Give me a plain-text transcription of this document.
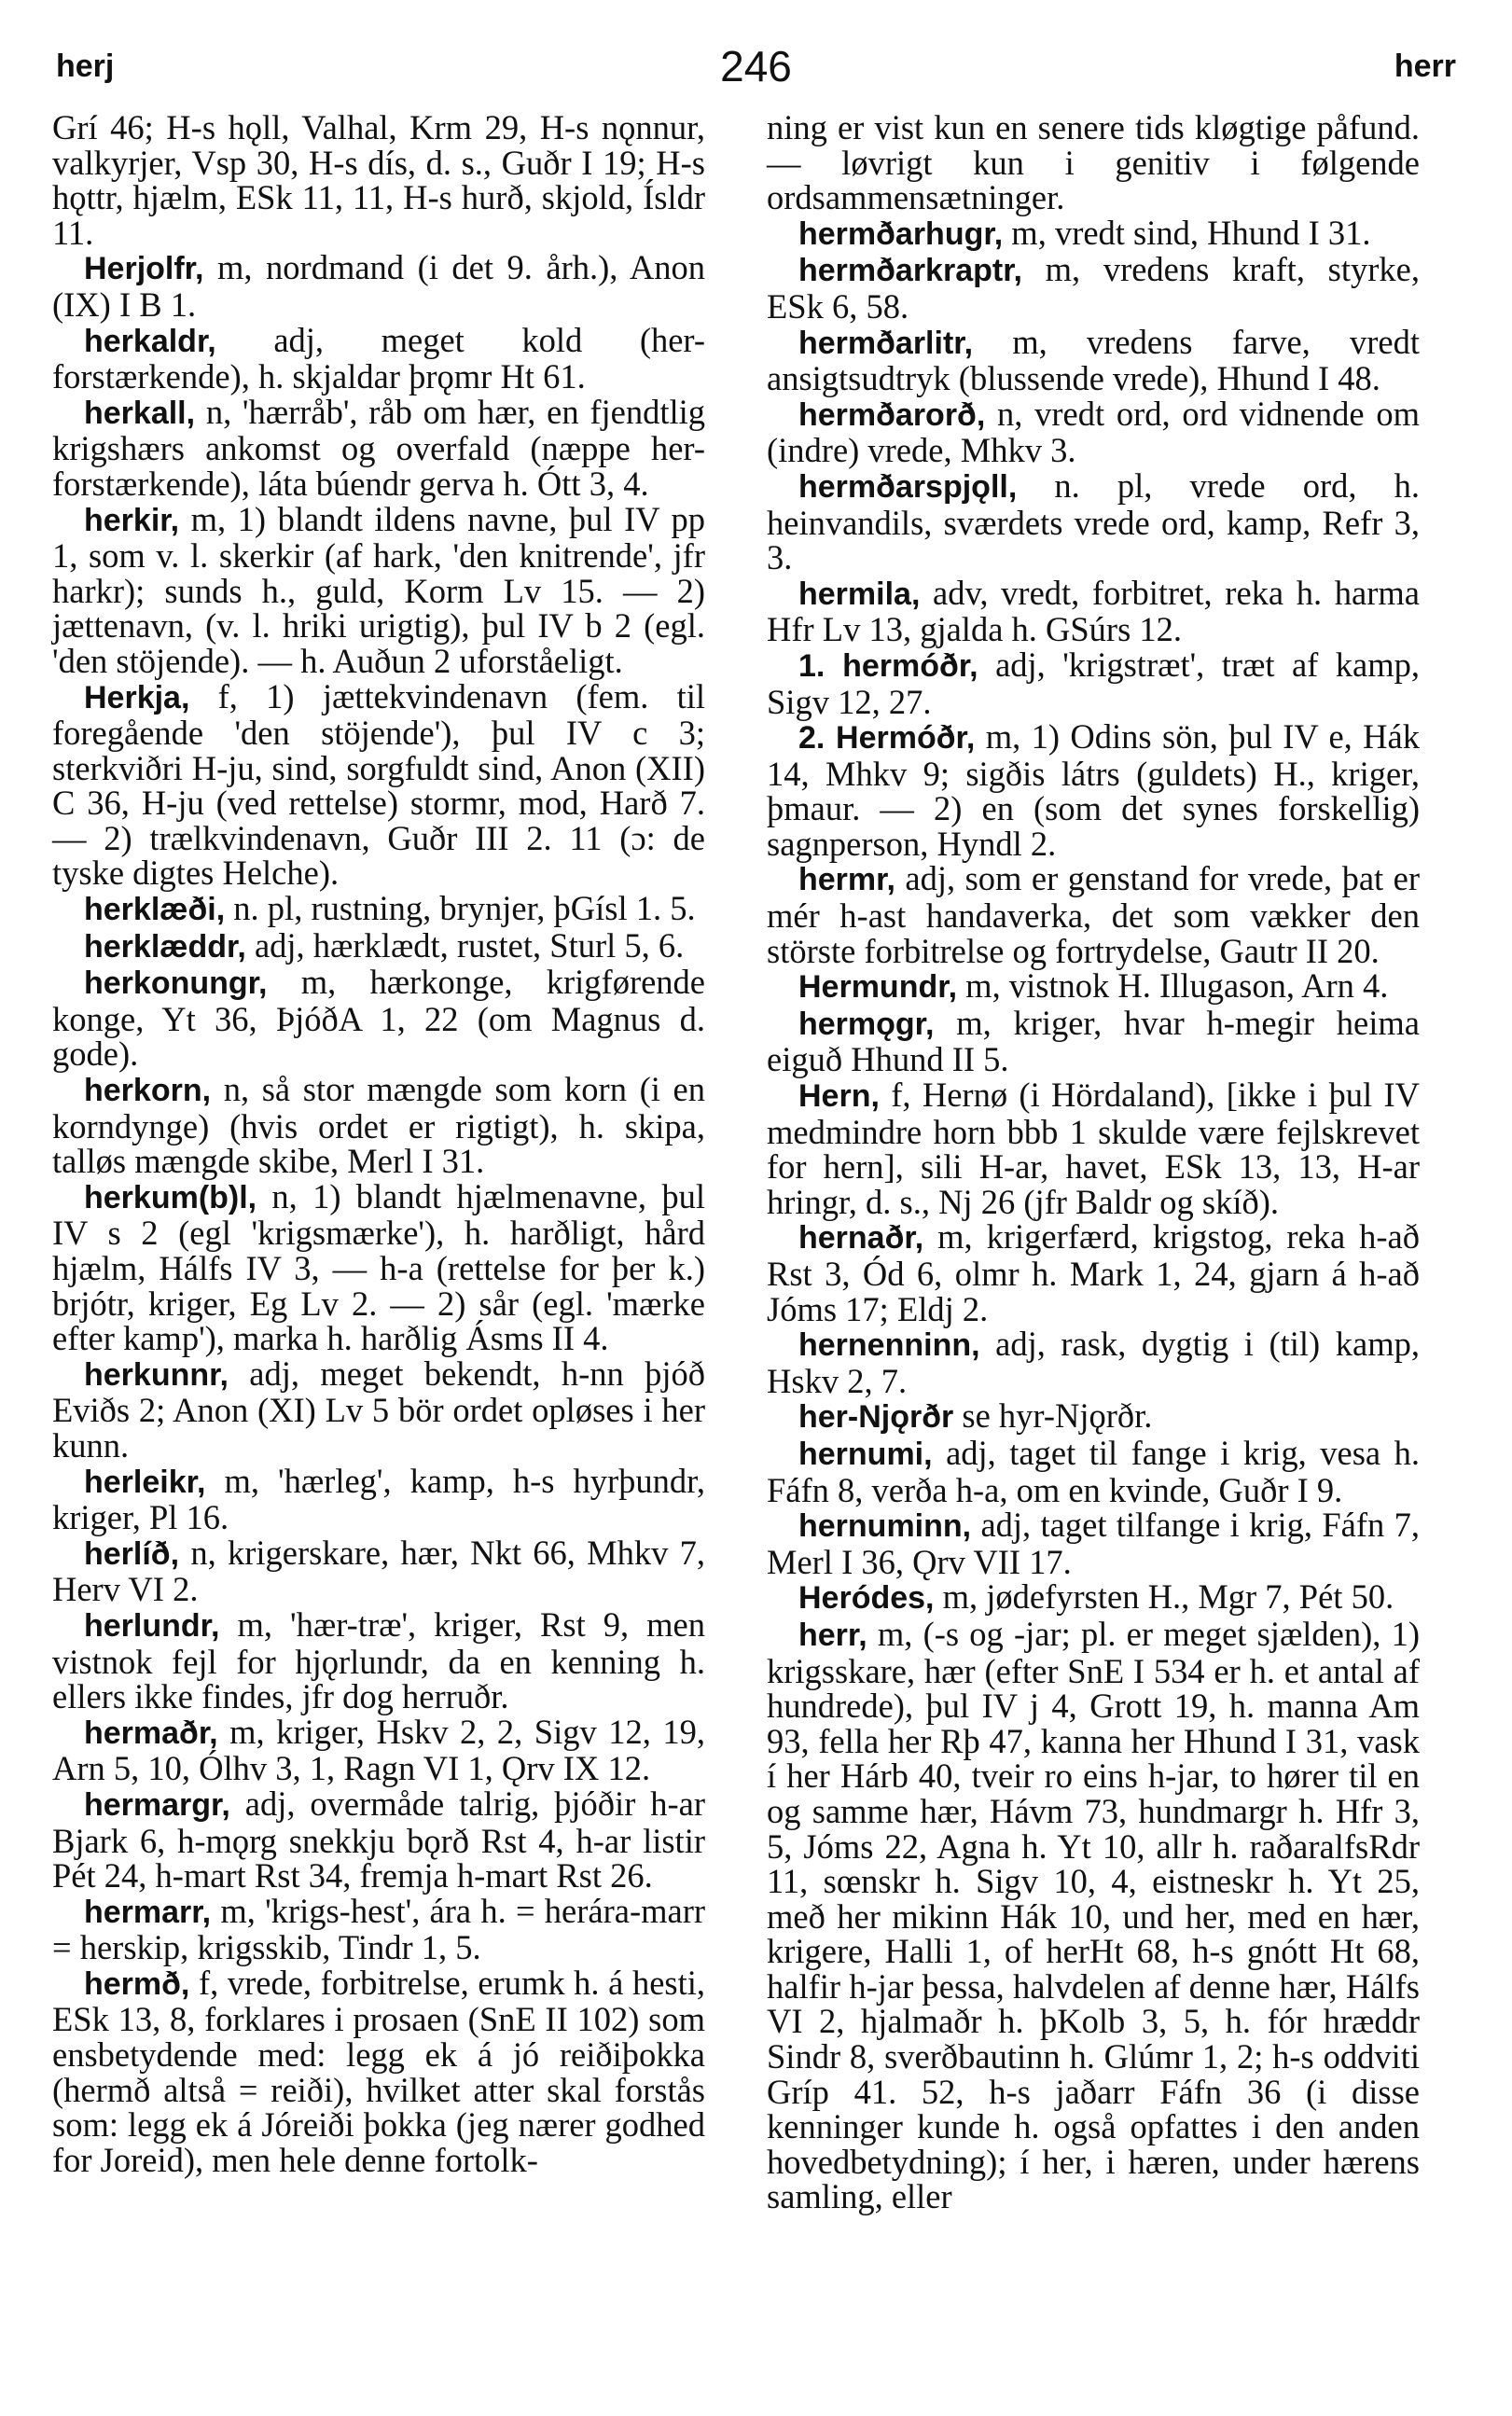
herj	246	herr

Grí 46; H-s hǫll, Valhal, Krm 29, H-s nǫnnur, valkyrjer, Vsp 30, H-s dís, d. s., Guðr I 19; H-s hǫttr, hjælm, ESk 11, 11, H-s hurð, skjold, Ísldr 11.

Herjolfr, m, nordmand (i det 9. årh.), Anon (IX) I B 1.

herkaldr, adj, meget kold (her- forstærkende), h. skjaldar þrǫmr Ht 61.

herkall, n, 'hærråb', råb om hær, en fjendtlig krigshærs ankomst og overfald (næppe her- forstærkende), láta búendr gerva h. Ótt 3, 4.

herkir, m, 1) blandt ildens navne, þul IV pp 1, som v. l. skerkir (af hark, 'den knitrende', jfr harkr); sunds h., guld, Korm Lv 15. — 2) jættenavn, (v. l. hriki urigtig), þul IV b 2 (egl. 'den stöjende). — h. Auðun 2 uforståeligt.

Herkja, f, 1) jættekvindenavn (fem. til foregående 'den stöjende'), þul IV c 3; sterkviðri H-ju, sind, sorgfuldt sind, Anon (XII) C 36, H-ju (ved rettelse) stormr, mod, Harð 7. — 2) trælkvindenavn, Guðr III 2. 11 (ɔ: de tyske digtes Helche).

herklæði, n. pl, rustning, brynjer, þGísl 1. 5.

herklæddr, adj, hærklædt, rustet, Sturl 5, 6.

herkonungr, m, hærkonge, krigførende konge, Yt 36, ÞjóðA 1, 22 (om Magnus d. gode).

herkorn, n, så stor mængde som korn (i en korndynge) (hvis ordet er rigtigt), h. skipa, talløs mængde skibe, Merl I 31.

herkum(b)l, n, 1) blandt hjælmenavne, þul IV s 2 (egl 'krigsmærke'), h. harðligt, hård hjælm, Hálfs IV 3, — h-a (rettelse for þer k.) brjótr, kriger, Eg Lv 2. — 2) sår (egl. 'mærke efter kamp'), marka h. harðlig Ásms II 4.

herkunnr, adj, meget bekendt, h-nn þjóð Eviðs 2; Anon (XI) Lv 5 bör ordet opløses i her kunn.

herleikr, m, 'hærleg', kamp, h-s hyrþundr, kriger, Pl 16.

herlíð, n, krigerskare, hær, Nkt 66, Mhkv 7, Herv VI 2.

herlundr, m, 'hær-træ', kriger, Rst 9, men vistnok fejl for hjǫrlundr, da en kenning h. ellers ikke findes, jfr dog herruðr.

hermaðr, m, kriger, Hskv 2, 2, Sigv 12, 19, Arn 5, 10, Ólhv 3, 1, Ragn VI 1, Ǫrv IX 12.

hermargr, adj, overmåde talrig, þjóðir h-ar Bjark 6, h-mǫrg snekkju bǫrð Rst 4, h-ar listir Pét 24, h-mart Rst 34, fremja h-mart Rst 26.

hermarr, m, 'krigs-hest', ára h. = herára-marr = herskip, krigsskib, Tindr 1, 5.

hermð, f, vrede, forbitrelse, erumk h. á hesti, ESk 13, 8, forklares i prosaen (SnE II 102) som ensbetydende med: legg ek á jó reiðiþokka (hermð altså = reiði), hvilket atter skal forstås som: legg ek á Jóreiði þokka (jeg nærer godhed for Joreid), men hele denne fortolk-

ning er vist kun en senere tids kløgtige påfund. — løvrigt kun i genitiv i følgende ordsammensætninger.

hermðarhugr, m, vredt sind, Hhund I 31.

hermðarkraptr, m, vredens kraft, styrke, ESk 6, 58.

hermðarlitr, m, vredens farve, vredt ansigtsudtryk (blussende vrede), Hhund I 48.

hermðarorð, n, vredt ord, ord vidnende om (indre) vrede, Mhkv 3.

hermðarspjǫll, n. pl, vrede ord, h. heinvandils, sværdets vrede ord, kamp, Refr 3, 3.

hermila, adv, vredt, forbitret, reka h. harma Hfr Lv 13, gjalda h. GSúrs 12.

1. hermóðr, adj, 'krigstræt', træt af kamp, Sigv 12, 27.

2. Hermóðr, m, 1) Odins sön, þul IV e, Hák 14, Mhkv 9; sigðis látrs (guldets) H., kriger, þmaur. — 2) en (som det synes forskellig) sagnperson, Hyndl 2.

hermr, adj, som er genstand for vrede, þat er mér h-ast handaverka, det som vækker den störste forbitrelse og fortrydelse, Gautr II 20.

Hermundr, m, vistnok H. Illugason, Arn 4.

hermǫgr, m, kriger, hvar h-megir heima eiguð Hhund II 5.

Hern, f, Hernø (i Hördaland), [ikke i þul IV medmindre horn bbb 1 skulde være fejlskrevet for hern], sili H-ar, havet, ESk 13, 13, H-ar hringr, d. s., Nj 26 (jfr Baldr og skíð).

hernaðr, m, krigerfærd, krigstog, reka h-að Rst 3, Ód 6, olmr h. Mark 1, 24, gjarn á h-að Jóms 17; Eldj 2.

hernenninn, adj, rask, dygtig i (til) kamp, Hskv 2, 7.

her-Njǫrðr se hyr-Njǫrðr.

hernumi, adj, taget til fange i krig, vesa h. Fáfn 8, verða h-a, om en kvinde, Guðr I 9.

hernuminn, adj, taget tilfange i krig, Fáfn 7, Merl I 36, Ǫrv VII 17.

Heródes, m, jødefyrsten H., Mgr 7, Pét 50.

herr, m, (-s og -jar; pl. er meget sjælden), 1) krigsskare, hær (efter SnE I 534 er h. et antal af hundrede), þul IV j 4, Grott 19, h. manna Am 93, fella her Rþ 47, kanna her Hhund I 31, vask í her Hárb 40, tveir ro eins h-jar, to hører til en og samme hær, Hávm 73, hundmargr h. Hfr 3, 5, Jóms 22, Agna h. Yt 10, allr h. raðaralfsRdr 11, sœnskr h. Sigv 10, 4, eistneskr h. Yt 25, með her mikinn Hák 10, und her, med en hær, krigere, Halli 1, of herHt 68, h-s gnótt Ht 68, halfir h-jar þessa, halvdelen af denne hær, Hálfs VI 2, hjalmaðr h. þKolb 3, 5, h. fór hræddr Sindr 8, sverðbautinn h. Glúmr 1, 2; h-s oddviti Gríp 41. 52, h-s jaðarr Fáfn 36 (i disse kenninger kunde h. også opfattes i den anden hovedbetydning); í her, i hæren, under hærens samling, eller
